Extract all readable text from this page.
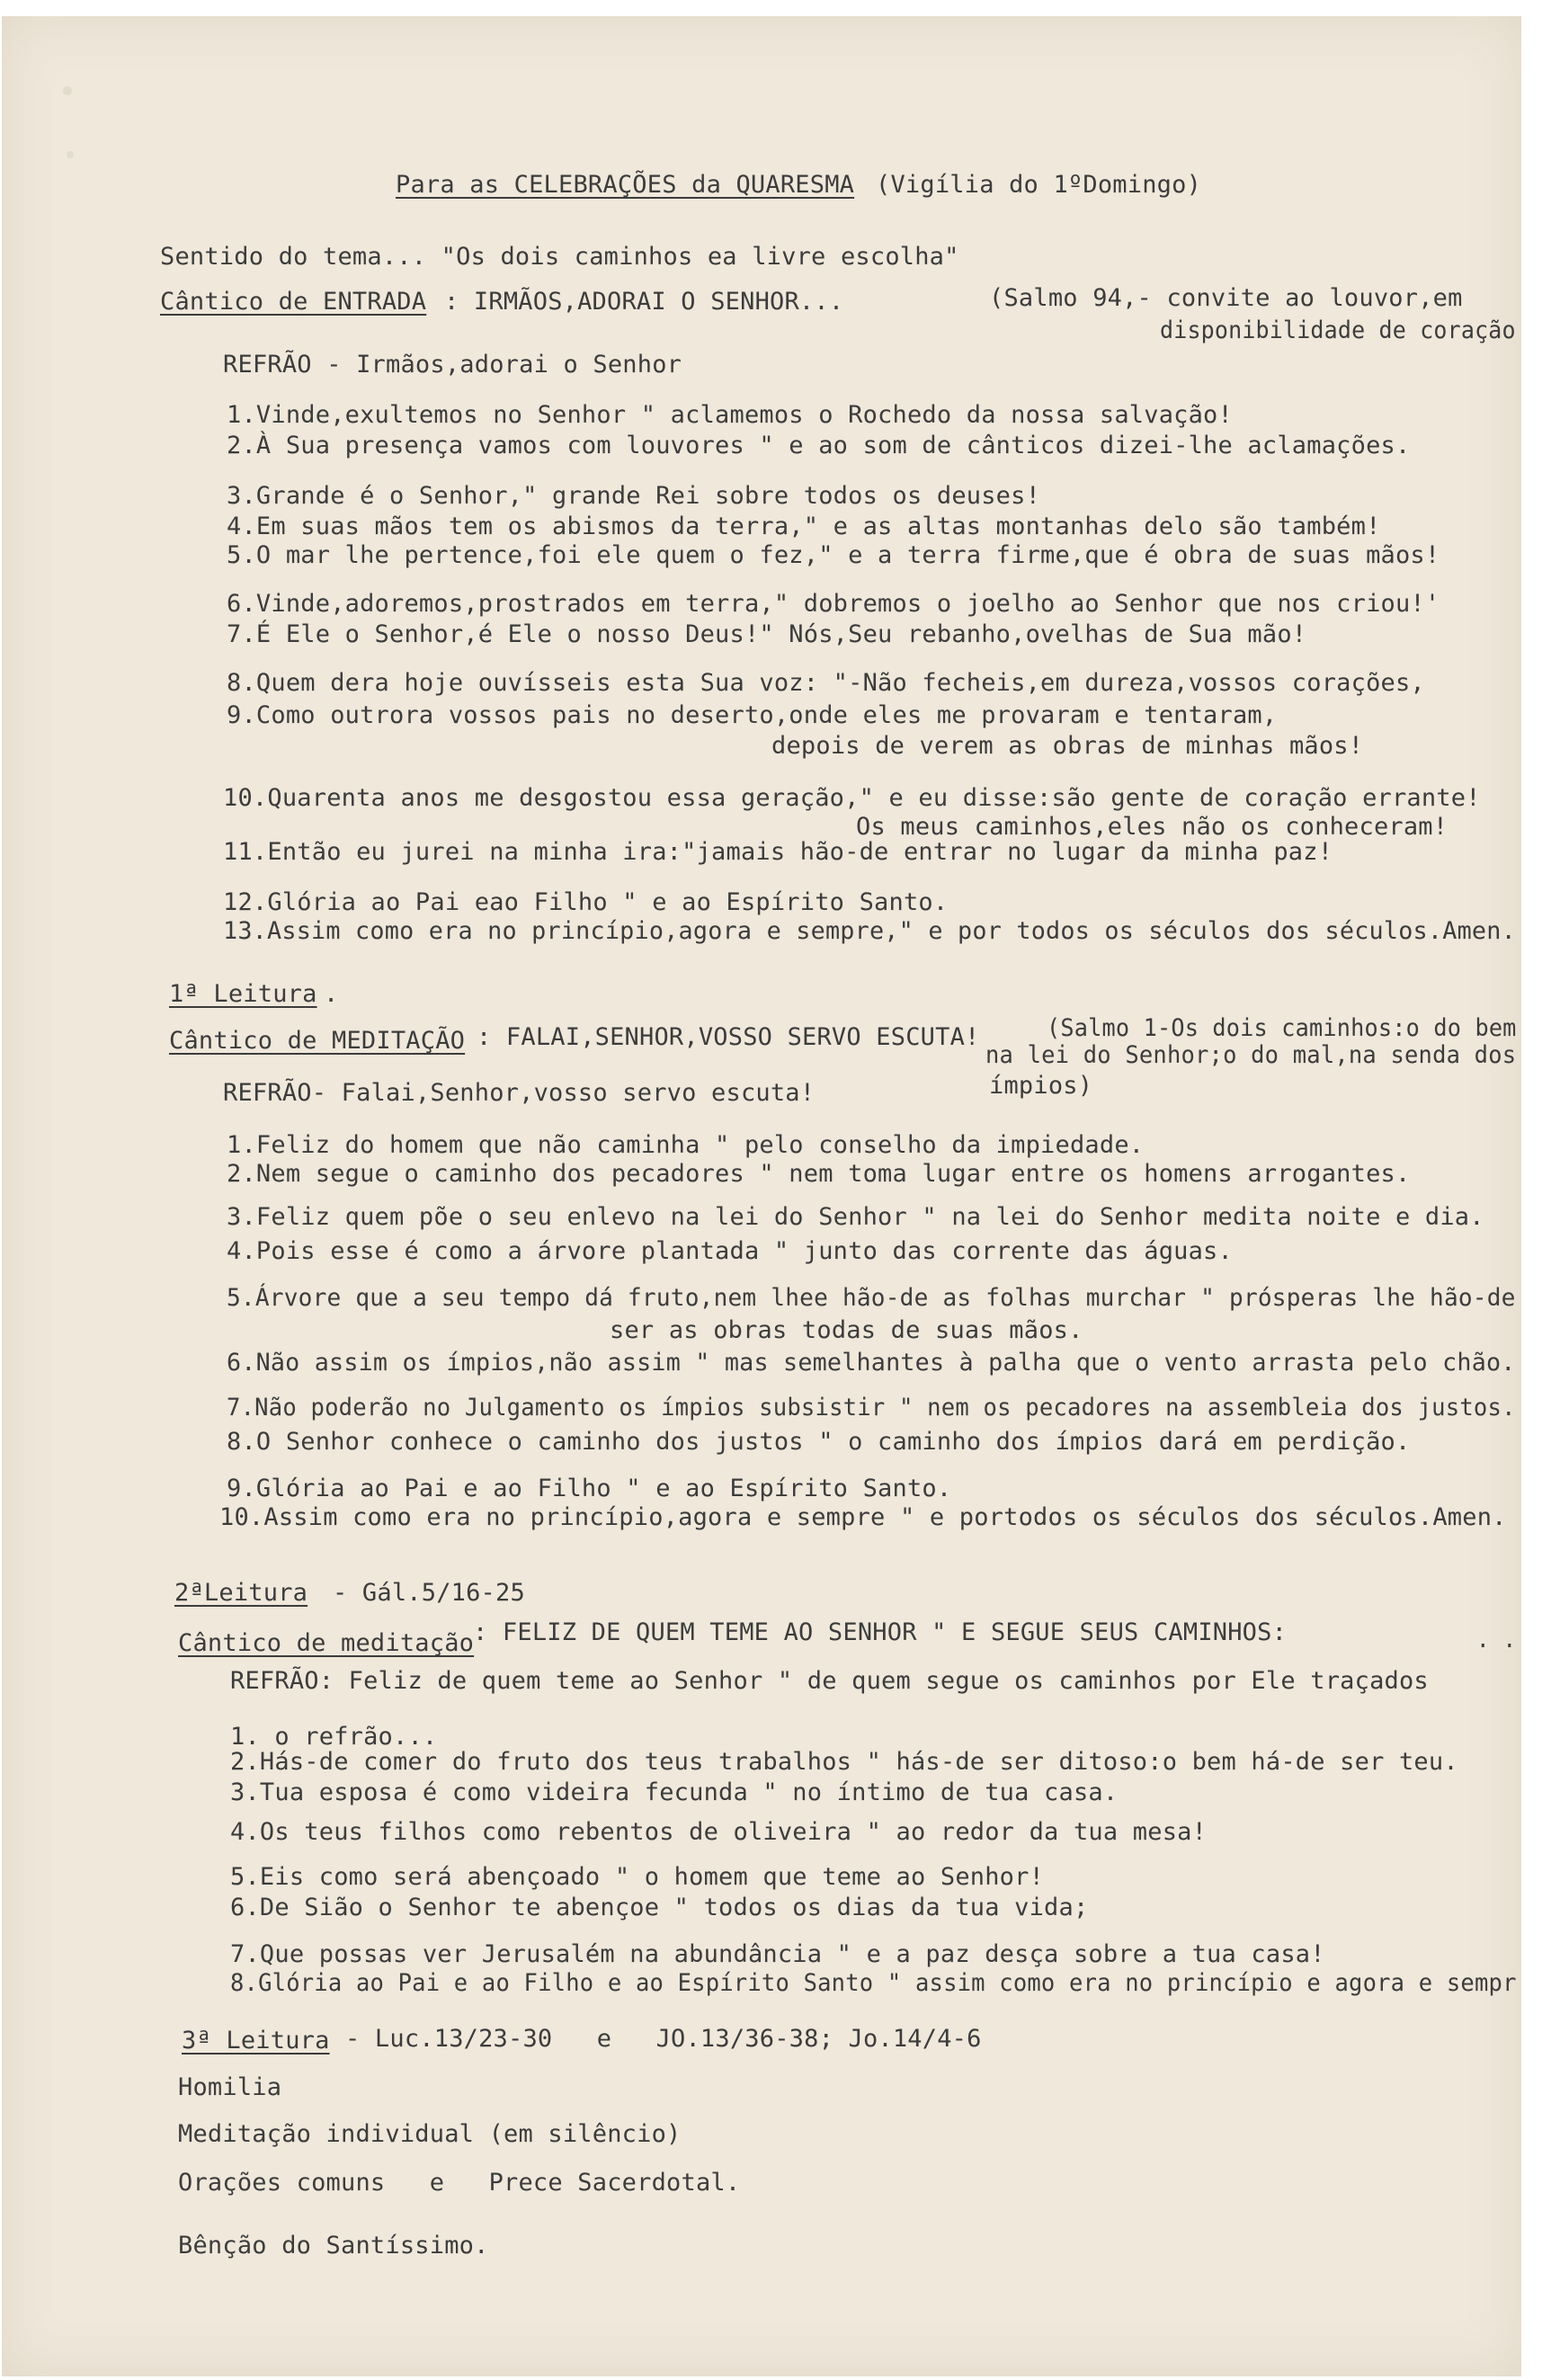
Para as CELEBRAÇÕES da QUARESMA (Vigília do 1ºDomingo)
Sentido do tema... "Os dois caminhos ea livre escolha"
Cântico de ENTRADA : IRMÃOS,ADORAI O SENHOR...	(Salmo 94,- convite ao louvor,em
disponibilidade de coração
REFRÃO - Irmãos,adorai o Senhor
1.Vinde,exultemos no Senhor " aclamemos o Rochedo da nossa salvação!
2.À Sua presença vamos com louvores " e ao som de cânticos dizei-lhe aclamações.
3.Grande é o Senhor," grande Rei sobre todos os deuses!
4.Em suas mãos tem os abismos da terra," e as altas montanhas delo são também!
5.O mar lhe pertence,foi ele quem o fez," e a terra firme,que é obra de suas mãos!
6.Vinde,adoremos,prostrados em terra," dobremos o joelho ao Senhor que nos criou!'
7.É Ele o Senhor,é Ele o nosso Deus!" Nós,Seu rebanho,ovelhas de Sua mão!
8.Quem dera hoje ouvísseis esta Sua voz: "-Não fecheis,em dureza,vossos corações,
9.Como outrora vossos pais no deserto,onde eles me provaram e tentaram,
depois de verem as obras de minhas mãos!
10.Quarenta anos me desgostou essa geração," e eu disse:são gente de coração errante!
Os meus caminhos,eles não os conheceram!
11.Então eu jurei na minha ira:"jamais hão-de entrar no lugar da minha paz!
12.Glória ao Pai eao Filho " e ao Espírito Santo.
13.Assim como era no princípio,agora e sempre," e por todos os séculos dos séculos.Amen.
1ª Leitura .
Cântico de MEDITAÇÃO : FALAI,SENHOR,VOSSO SERVO ESCUTA!	(Salmo 1-Os dois caminhos:o do bem
na lei do Senhor;o do mal,na senda dos
ímpios)
REFRÃO- Falai,Senhor,vosso servo escuta!
1.Feliz do homem que não caminha " pelo conselho da impiedade.
2.Nem segue o caminho dos pecadores " nem toma lugar entre os homens arrogantes.
3.Feliz quem põe o seu enlevo na lei do Senhor " na lei do Senhor medita noite e dia.
4.Pois esse é como a árvore plantada " junto das corrente das águas.
5.Árvore que a seu tempo dá fruto,nem lhee hão-de as folhas murchar " prósperas lhe hão-de
ser as obras todas de suas mãos.
6.Não assim os ímpios,não assim " mas semelhantes à palha que o vento arrasta pelo chão.
7.Não poderão no Julgamento os ímpios subsistir " nem os pecadores na assembleia dos justos.
8.O Senhor conhece o caminho dos justos " o caminho dos ímpios dará em perdição.
9.Glória ao Pai e ao Filho " e ao Espírito Santo.
10.Assim como era no princípio,agora e sempre " e portodos os séculos dos séculos.Amen.
2ªLeitura - Gál.5/16-25
Cântico de meditação
: FELIZ DE QUEM TEME AO SENHOR " E SEGUE SEUS CAMINHOS:	. .
REFRÃO: Feliz de quem teme ao Senhor " de quem segue os caminhos por Ele traçados
1. o refrão...
2.Hás-de comer do fruto dos teus trabalhos " hás-de ser ditoso:o bem há-de ser teu.
3.Tua esposa é como videira fecunda " no íntimo de tua casa.
4.Os teus filhos como rebentos de oliveira " ao redor da tua mesa!
5.Eis como será abençoado " o homem que teme ao Senhor!
6.De Sião o Senhor te abençoe " todos os dias da tua vida;
7.Que possas ver Jerusalém na abundância " e a paz desça sobre a tua casa!
8.Glória ao Pai e ao Filho e ao Espírito Santo " assim como era no princípio e agora e sempr
3ª Leitura - Luc.13/23-30   e   JO.13/36-38; Jo.14/4-6
Homilia
Meditação individual (em silêncio)
Orações comuns   e   Prece Sacerdotal.
Bênção do Santíssimo.
